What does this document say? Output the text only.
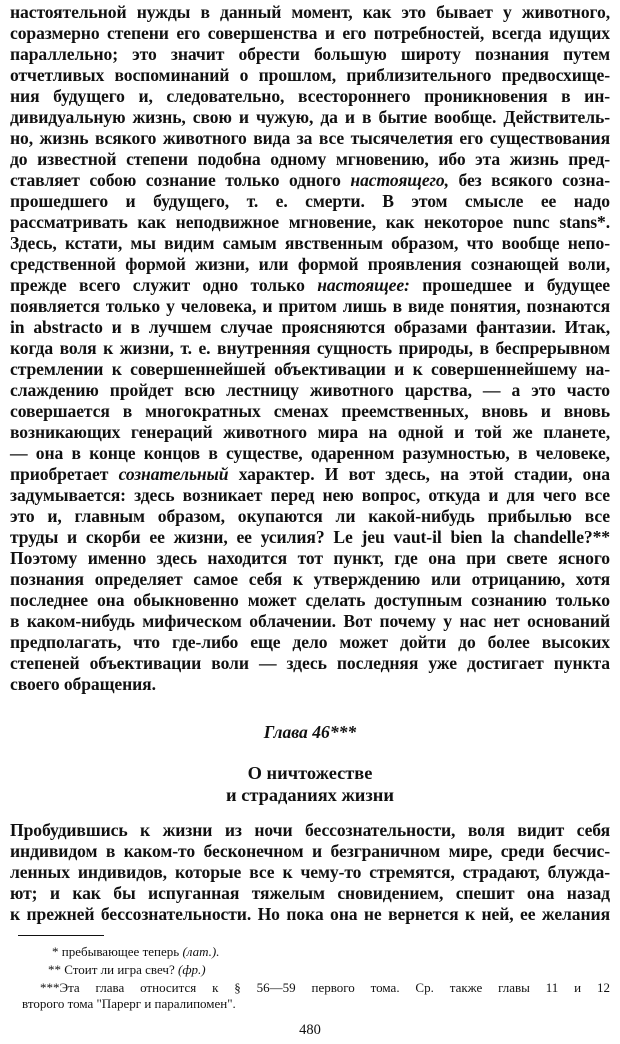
настоятельной нужды в данный момент, как это бывает у животного,
соразмерно степени его совершенства и его потребностей, всегда идущих
параллельно; это значит обрести большую широту познания путем
отчетливых воспоминаний о прошлом, приблизительного предвосхище-
ния будущего и, следовательно, всестороннего проникновения в ин-
дивидуальную жизнь, свою и чужую, да и в бытие вообще. Действитель-
но, жизнь всякого животного вида за все тысячелетия его существования
до известной степени подобна одному мгновению, ибо эта жизнь пред-
ставляет собою сознание только одного настоящего, без всякого созна-
прошедшего и будущего, т. е. смерти. В этом смысле ее надо
рассматривать как неподвижное мгновение, как некоторое nunc stans*.
Здесь, кстати, мы видим самым явственным образом, что вообще непо-
средственной формой жизни, или формой проявления сознающей воли,
прежде всего служит одно только настоящее: прошедшее и будущее
появляется только у человека, и притом лишь в виде понятия, познаются
in abstracto и в лучшем случае проясняются образами фантазии. Итак,
когда воля к жизни, т. е. внутренняя сущность природы, в беспрерывном
стремлении к совершеннейшей объективации и к совершеннейшему на-
слаждению пройдет всю лестницу животного царства, — а это часто
совершается в многократных сменах преемственных, вновь и вновь
возникающих генераций животного мира на одной и той же планете,
— она в конце концов в существе, одаренном разумностью, в человеке,
приобретает сознательный характер. И вот здесь, на этой стадии, она
задумывается: здесь возникает перед нею вопрос, откуда и для чего все
это и, главным образом, окупаются ли какой-нибудь прибылью все
труды и скорби ее жизни, ее усилия? Le jeu vaut-il bien la chandelle?**
Поэтому именно здесь находится тот пункт, где она при свете ясного
познания определяет самое себя к утверждению или отрицанию, хотя
последнее она обыкновенно может сделать доступным сознанию только
в каком-нибудь мифическом облачении. Вот почему у нас нет оснований
предполагать, что где-либо еще дело может дойти до более высоких
степеней объективации воли — здесь последняя уже достигает пункта
своего обращения.
Глава 46***
О ничтожестве
и страданиях жизни
Пробудившись к жизни из ночи бессознательности, воля видит себя
индивидом в каком-то бесконечном и безграничном мире, среди бесчис-
ленных индивидов, которые все к чему-то стремятся, страдают, блужда-
ют; и как бы испуганная тяжелым сновидением, спешит она назад
к прежней бессознательности. Но пока она не вернется к ней, ее желания
* пребывающее теперь (лат.).
** Стоит ли игра свеч? (фр.)
***Эта глава относится к § 56—59 первого тома. Ср. также главы 11 и 12
второго тома "Парерг и паралипомен".
480
